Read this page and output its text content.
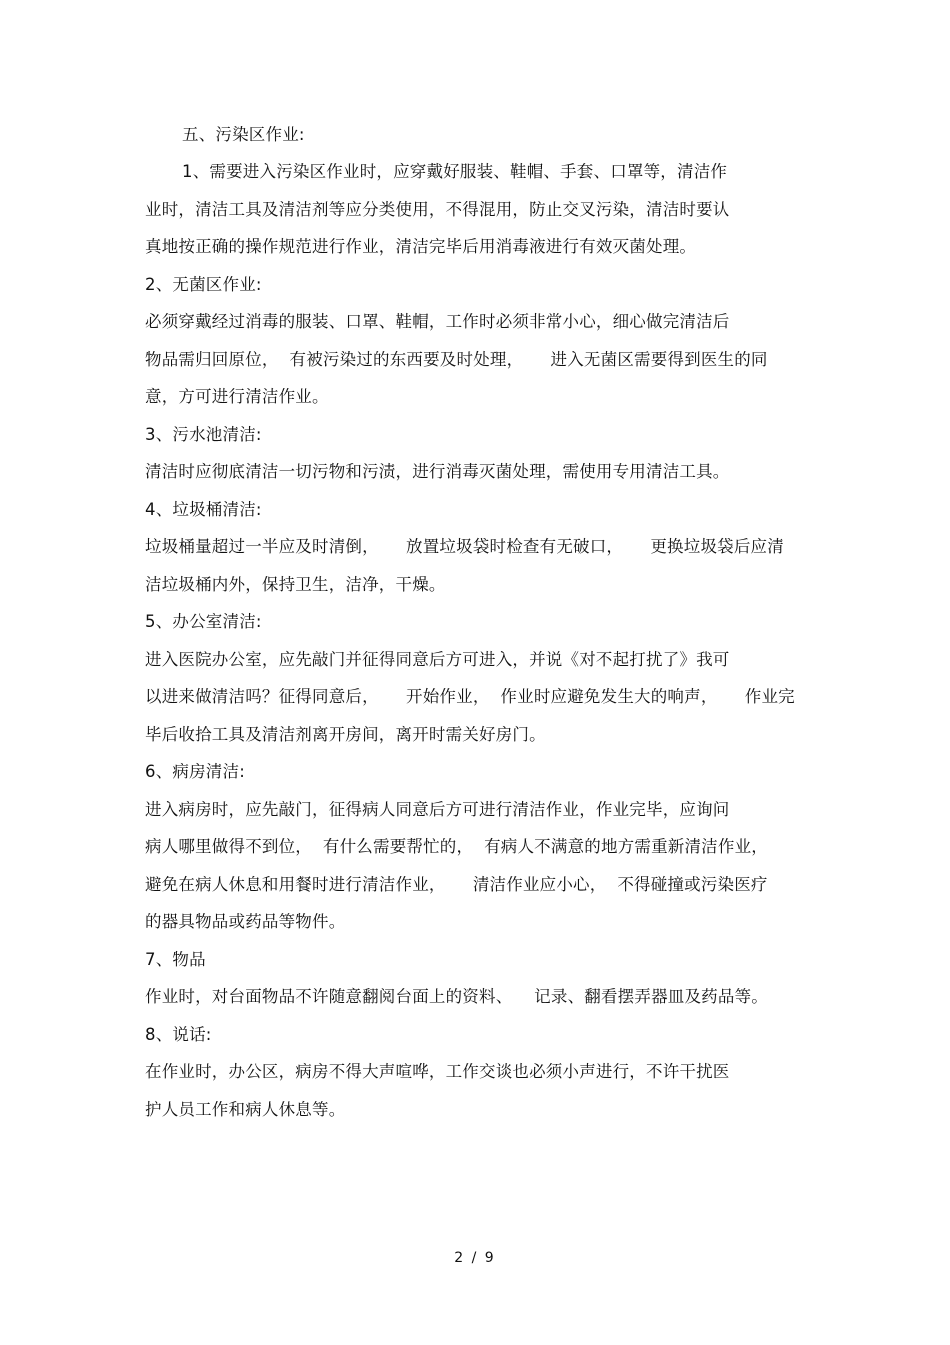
五、污染区作业:
1、需要进入污染区作业时，应穿戴好服装、鞋帽、手套、口罩等，清洁作
业时，清洁工具及清洁剂等应分类使用，不得混用，防止交叉污染，清洁时要认
真地按正确的操作规范进行作业，清洁完毕后用消毒液进行有效灭菌处理。
2、无菌区作业:
必须穿戴经过消毒的服装、口罩、鞋帽，工作时必须非常小心，细心做完清洁后
物品需归回原位，  有被污染过的东西要及时处理，     进入无菌区需要得到医生的同
意，方可进行清洁作业。
3、污水池清洁:
清洁时应彻底清洁一切污物和污渍，进行消毒灭菌处理，需使用专用清洁工具。
4、垃圾桶清洁:
垃圾桶量超过一半应及时清倒，     放置垃圾袋时检查有无破口，     更换垃圾袋后应清
洁垃圾桶内外，保持卫生，洁净，干燥。
5、办公室清洁:
进入医院办公室，应先敲门并征得同意后方可进入，并说《对不起打扰了》我可
以进来做清洁吗？征得同意后，     开始作业，  作业时应避免发生大的响声，     作业完
毕后收拾工具及清洁剂离开房间，离开时需关好房门。
6、病房清洁:
进入病房时，应先敲门，征得病人同意后方可进行清洁作业，作业完毕，应询问
病人哪里做得不到位，  有什么需要帮忙的，  有病人不满意的地方需重新清洁作业，
避免在病人休息和用餐时进行清洁作业，     清洁作业应小心，  不得碰撞或污染医疗
的器具物品或药品等物件。
7、物品
作业时，对台面物品不许随意翻阅台面上的资料、    记录、翻看摆弄器皿及药品等。
8、说话:
在作业时，办公区，病房不得大声喧哗，工作交谈也必须小声进行，不许干扰医
护人员工作和病人休息等。
2 / 9
